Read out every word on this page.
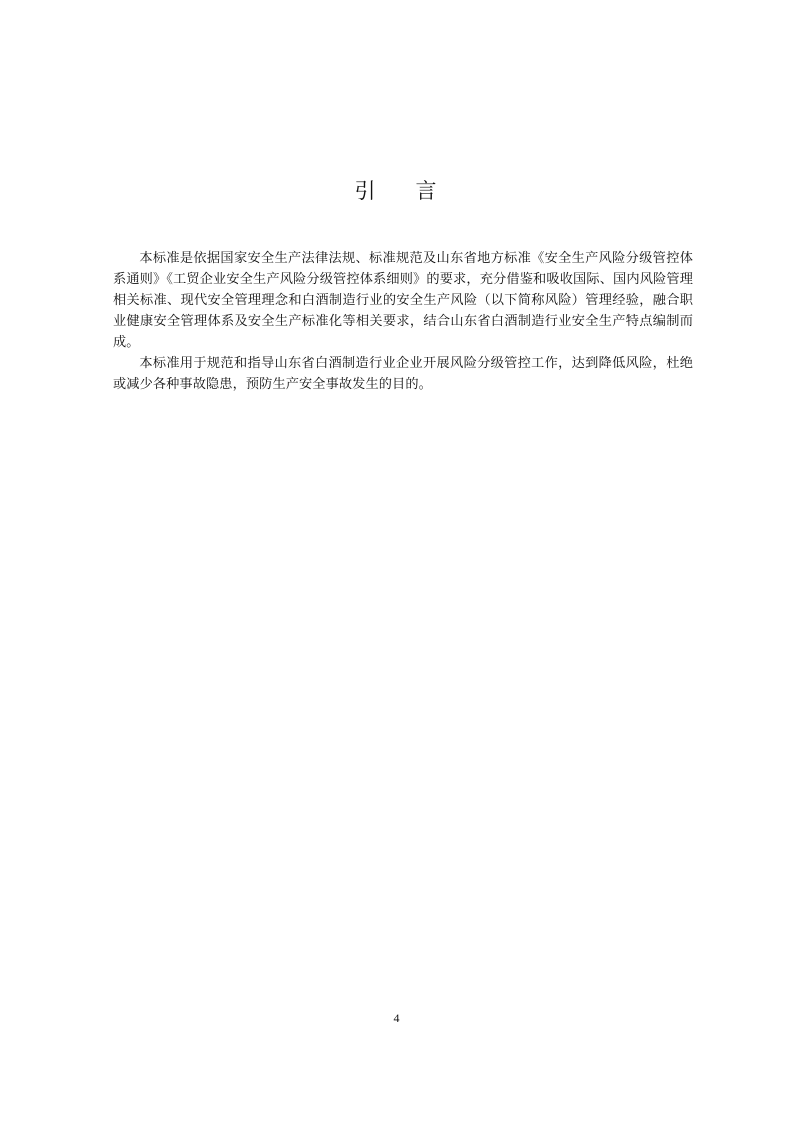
引 言

本标准是依据国家安全生产法律法规、标准规范及山东省地方标准《安全生产风险分级管控体系通则》《工贸企业安全生产风险分级管控体系细则》的要求，充分借鉴和吸收国际、国内风险管理相关标准、现代安全管理理念和白酒制造行业的安全生产风险（以下简称风险）管理经验，融合职业健康安全管理体系及安全生产标准化等相关要求，结合山东省白酒制造行业安全生产特点编制而成。

本标准用于规范和指导山东省白酒制造行业企业开展风险分级管控工作，达到降低风险，杜绝或减少各种事故隐患，预防生产安全事故发生的目的。

4
